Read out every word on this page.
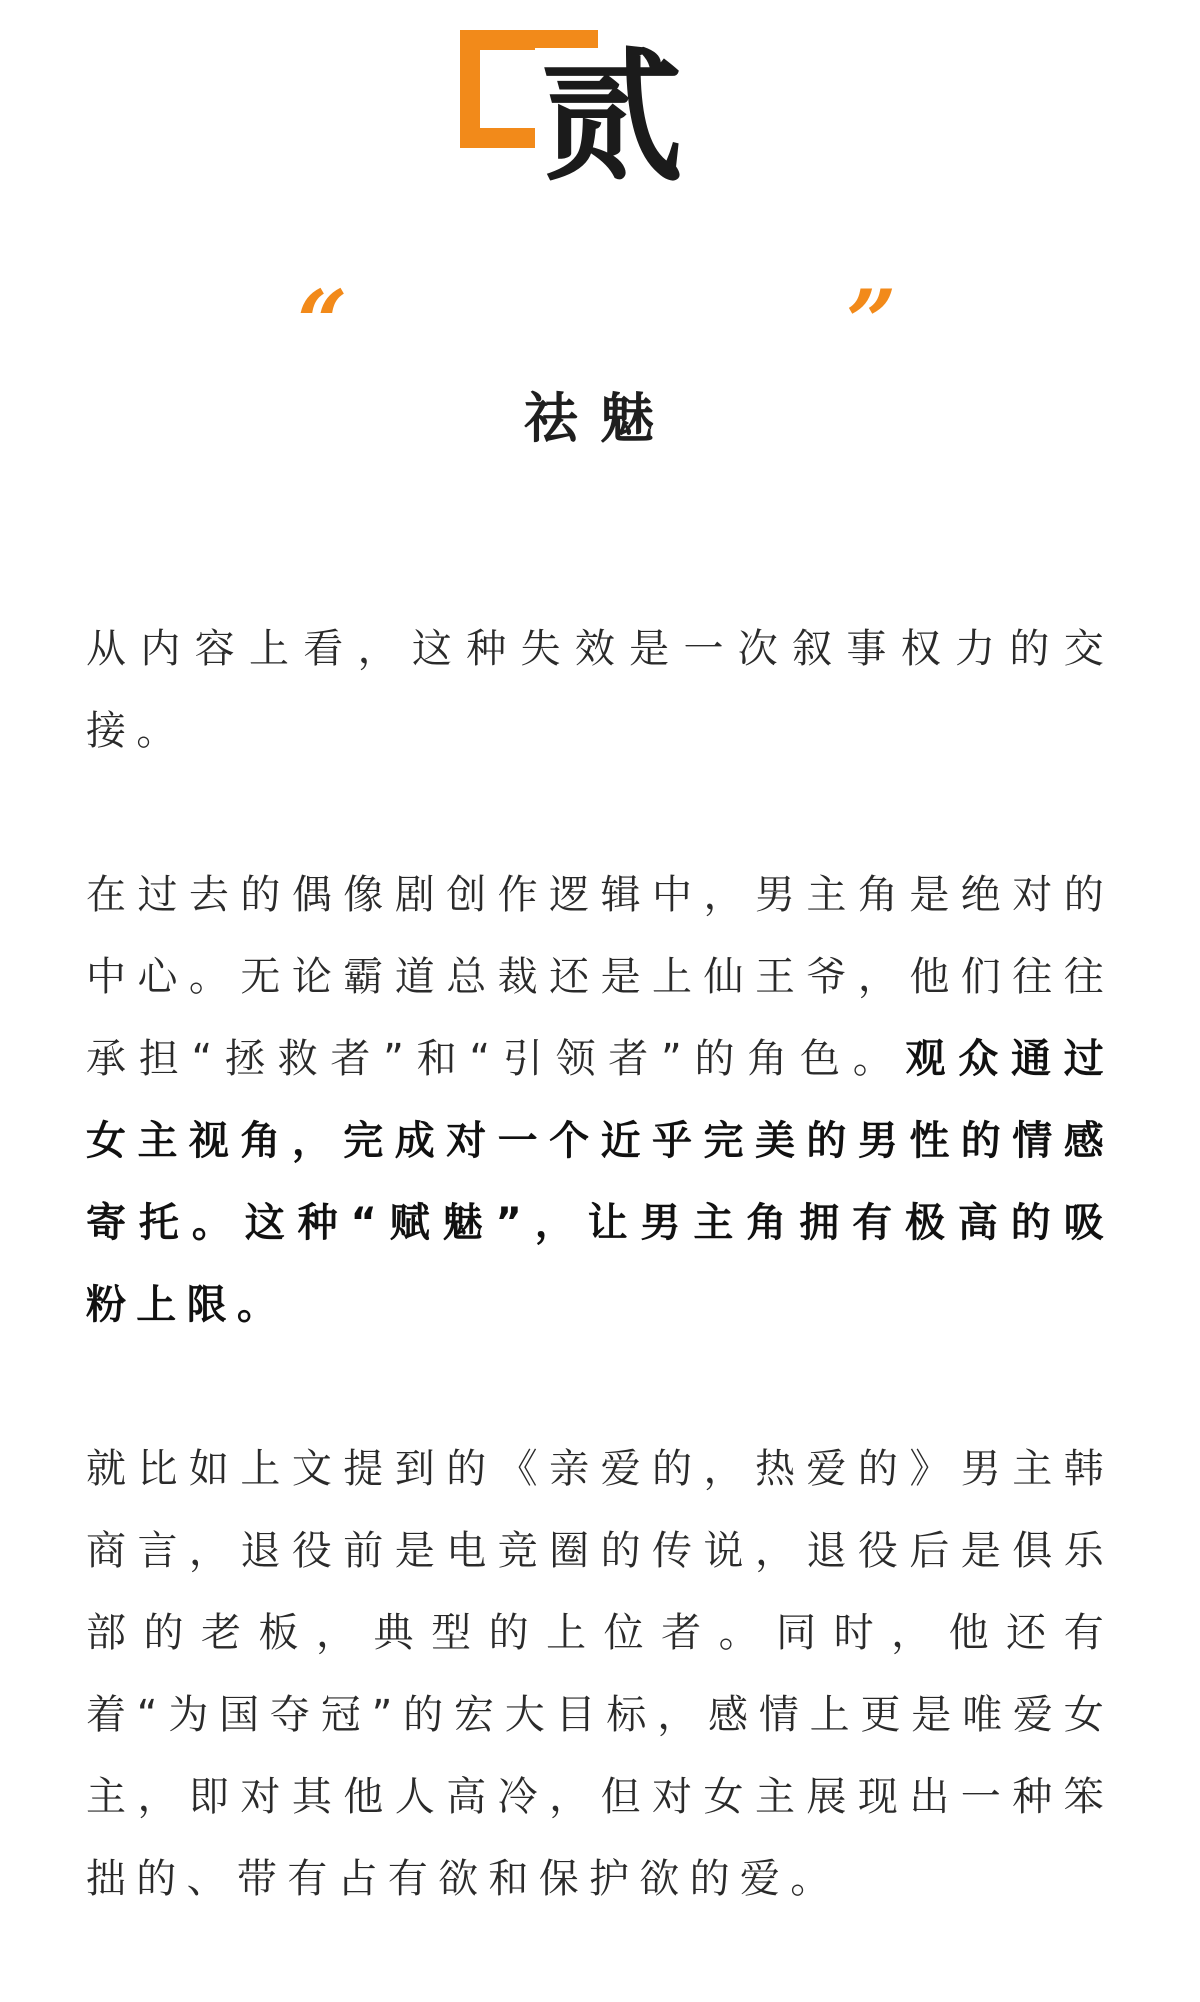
贰
“	”
祛魅

从内容上看，这种失效是一次叙事权力的交接。

在过去的偶像剧创作逻辑中，男主角是绝对的中心。无论霸道总裁还是上仙王爷，他们往往承担“拯救者”和“引领者”的角色。观众通过女主视角，完成对一个近乎完美的男性的情感寄托。这种“赋魅”，让男主角拥有极高的吸粉上限。

就比如上文提到的《亲爱的，热爱的》男主韩商言，退役前是电竞圈的传说，退役后是俱乐部的老板，典型的上位者。同时，他还有着“为国夺冠”的宏大目标，感情上更是唯爱女主，即对其他人高冷，但对女主展现出一种笨拙的、带有占有欲和保护欲的爱。
